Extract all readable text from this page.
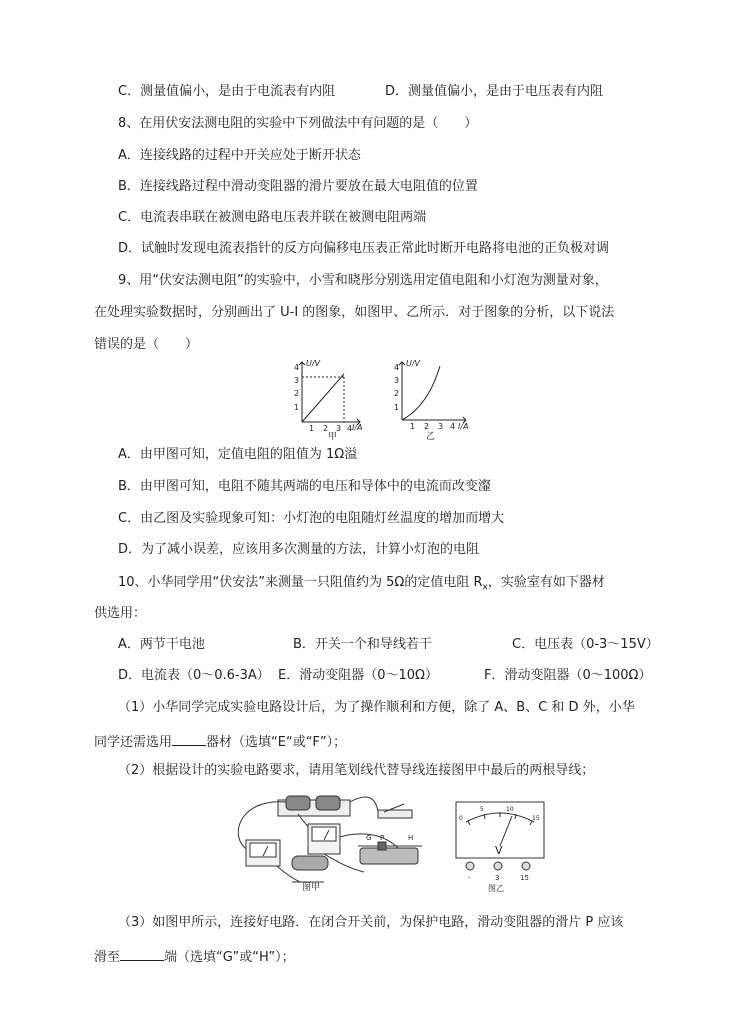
C．测量值偏小，是由于电流表有内阻	D．测量值偏小，是由于电压表有内阻
8、在用伏安法测电阻的实验中下列做法中有问题的是（　　）
A．连接线路的过程中开关应处于断开状态
B．连接线路过程中滑动变阻器的滑片要放在最大电阻值的位置
C．电流表串联在被测电路电压表并联在被测电阻两端
D．试触时发现电流表指针的反方向偏移电压表正常此时断开电路将电池的正负极对调
9、用“伏安法测电阻”的实验中，小雪和晓彤分别选用定值电阻和小灯泡为测量对象，
在处理实验数据时，分别画出了 U-I 的图象，如图甲、乙所示．对于图象的分析，以下说法
错误的是（　　）
U/V
I/A
1
2
3
4
1 2 3 4
甲
U/V
I/A
1
2
3
4
1 2 3 4
乙
A．由甲图可知，定值电阻的阻值为 1Ω溢
B．由甲图可知，电阻不随其两端的电压和导体中的电流而改变瀣
C．由乙图及实验现象可知：小灯泡的电阻随灯丝温度的增加而增大
D．为了减小误差，应该用多次测量的方法，计算小灯泡的电阻
10、小华同学用“伏安法”来测量一只阻值约为 5Ω的定值电阻 $R_x$，实验室有如下器材
供选用：
A．两节干电池	B．开关一个和导线若干	C．电压表（0-3～15V）
D．电流表（0～0.6-3A） E．滑动变阻器（0～10Ω）	F．滑动变阻器（0～100Ω）
（1）小华同学完成实验电路设计后，为了操作顺利和方便，除了 A、B、C 和 D 外，小华
同学还需选用	器材（选填“E“或“F”）；
（2）根据设计的实验电路要求，请用笔划线代替导线连接图甲中最后的两根导线；
G P	H
图甲
0
5	10
15
V
-	3	15
图乙
（3）如图甲所示，连接好电路．在闭合开关前，为保护电路，滑动变阻器的滑片 P 应该
滑至	端（选填“G”或“H”）；
